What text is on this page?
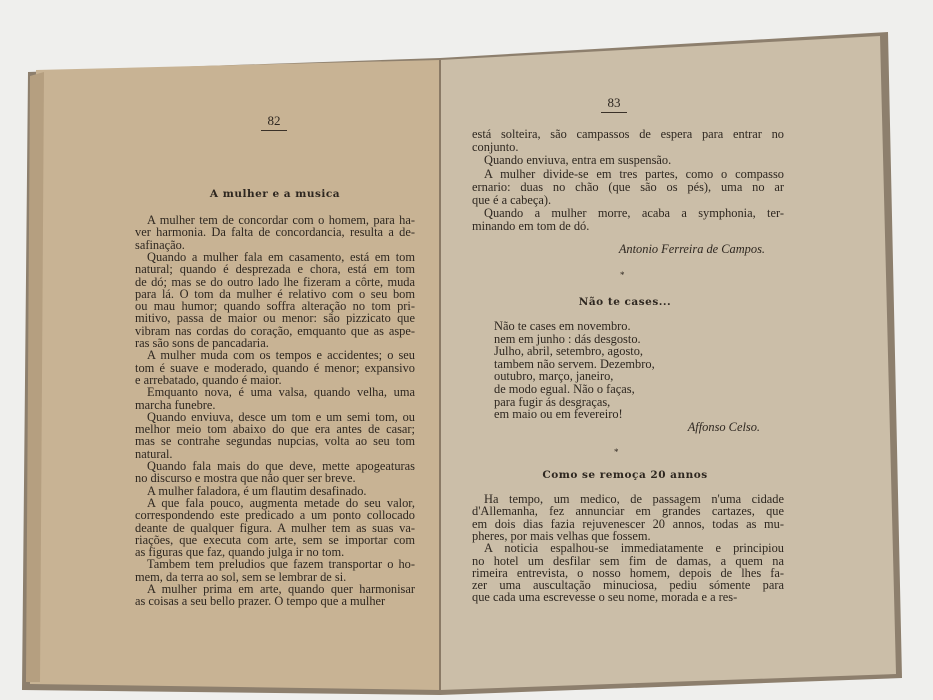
82
A mulher e a musica
A mulher tem de concordar com o homem, para ha-
ver harmonia. Da falta de concordancia, resulta a de-
safinação.
Quando a mulher fala em casamento, está em tom
natural; quando é desprezada e chora, está em tom
de dó; mas se do outro lado lhe fizeram a côrte, muda
para lá. O tom da mulher é relativo com o seu bom
ou mau humor; quando soffra alteração no tom pri-
mitivo, passa de maior ou menor: são pizzicato que
vibram nas cordas do coração, emquanto que as aspe-
ras são sons de pancadaria.
A mulher muda com os tempos e accidentes; o seu
tom é suave e moderado, quando é menor; expansivo
e arrebatado, quando é maior.
Emquanto nova, é uma valsa, quando velha, uma
marcha funebre.
Quando enviuva, desce um tom e um semi tom, ou
melhor meio tom abaixo do que era antes de casar;
mas se contrahe segundas nupcias, volta ao seu tom
natural.
Quando fala mais do que deve, mette apogeaturas
no discurso e mostra que não quer ser breve.
A mulher faladora, é um flautim desafinado.
A que fala pouco, augmenta metade do seu valor,
correspondendo este predicado a um ponto collocado
deante de qualquer figura. A mulher tem as suas va-
riações, que executa com arte, sem se importar com
as figuras que faz, quando julga ir no tom.
Tambem tem preludios que fazem transportar o ho-
mem, da terra ao sol, sem se lembrar de si.
A mulher prima em arte, quando quer harmonisar
as coisas a seu bello prazer. O tempo que a mulher
83
Antonio Ferreira de Campos.
*
Não te cases...
Não te cases em novembro.
nem em junho : dás desgosto.
Julho, abril, setembro, agosto,
tambem não servem. Dezembro,
outubro, março, janeiro,
de modo egual. Não o faças,
para fugir ás desgraças,
em maio ou em fevereiro!
Affonso Celso.
*
Como se remoça 20 annos
está solteira, são campassos de espera para entrar no
conjunto.
Quando enviuva, entra em suspensão.
A mulher divide-se em tres partes, como o compasso
ernario: duas no chão (que são os pés), uma no ar
que é a cabeça).
Quando a mulher morre, acaba a symphonia, ter-
minando em tom de dó.
Ha tempo, um medico, de passagem n'uma cidade
d'Allemanha, fez annunciar em grandes cartazes, que
em dois dias fazia rejuvenescer 20 annos, todas as mu-
pheres, por mais velhas que fossem.
A noticia espalhou-se immediatamente e principiou
no hotel um desfilar sem fim de damas, a quem na
rimeira entrevista, o nosso homem, depois de lhes fa-
zer uma auscultação minuciosa, pediu sómente para
que cada uma escrevesse o seu nome, morada e a res-
